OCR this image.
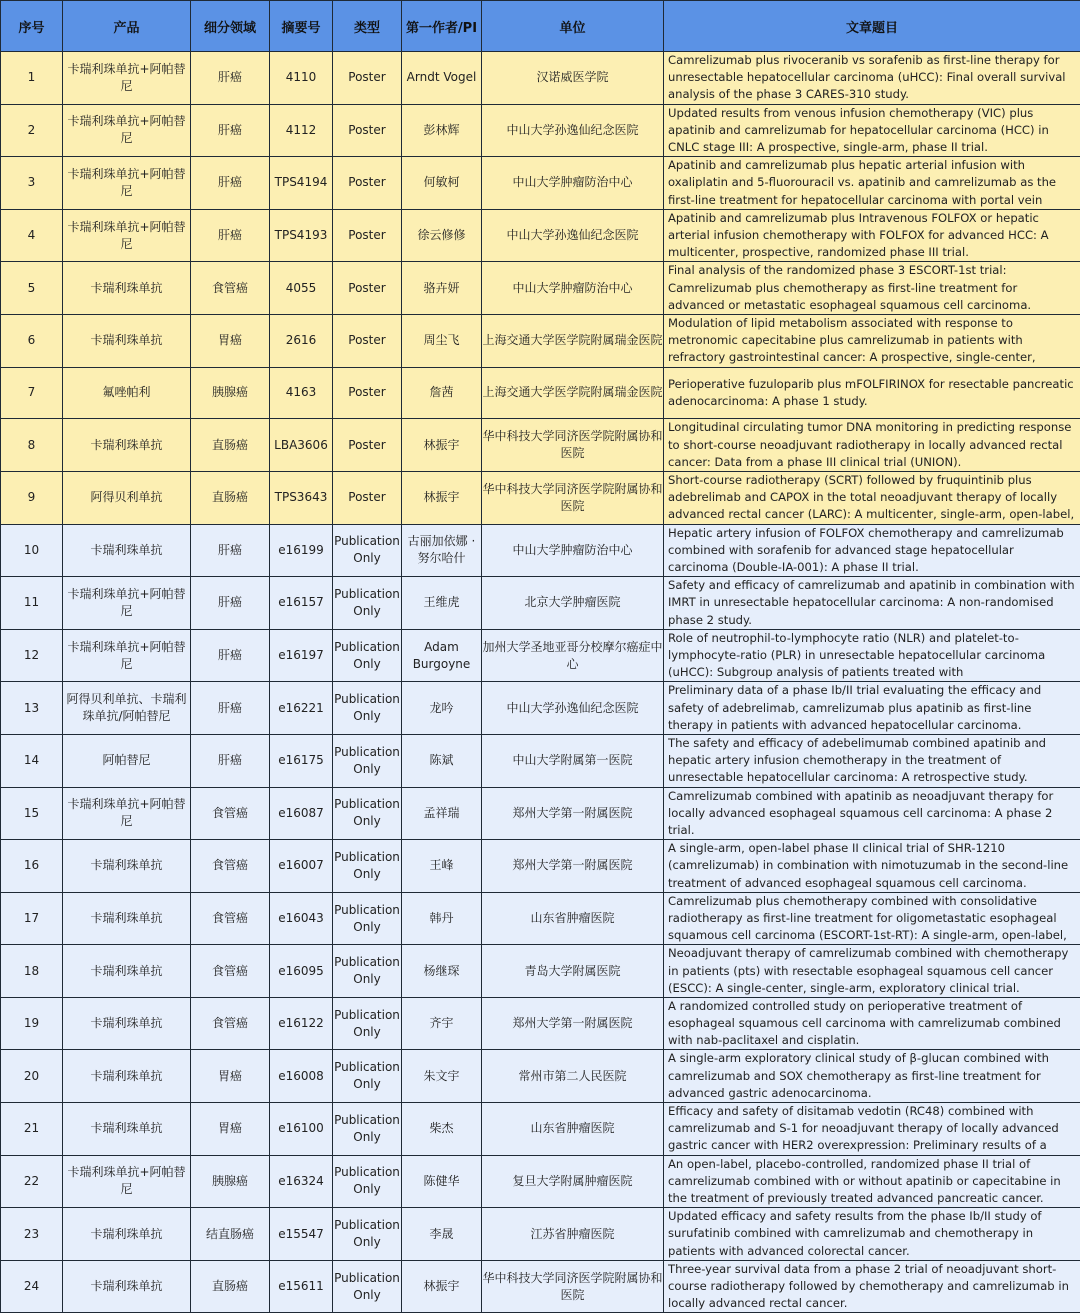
序号	产品	细分领域	摘要号	类型	第一作者/PI	单位	文章题目

1	卡瑞利珠单抗+阿帕替尼	肝癌	4110	Poster	Arndt Vogel	汉诺威医学院	Camrelizumab plus rivoceranib vs sorafenib as first-line therapy for unresectable hepatocellular carcinoma (uHCC): Final overall survival analysis of the phase 3 CARES-310 study.

2	卡瑞利珠单抗+阿帕替尼	肝癌	4112	Poster	彭林辉	中山大学孙逸仙纪念医院	Updated results from venous infusion chemotherapy (VIC) plus apatinib and camrelizumab for hepatocellular carcinoma (HCC) in CNLC stage III: A prospective, single-arm, phase II trial.

3	卡瑞利珠单抗+阿帕替尼	肝癌	TPS4194	Poster	何敏柯	中山大学肿瘤防治中心	Apatinib and camrelizumab plus hepatic arterial infusion with oxaliplatin and 5-fluorouracil vs. apatinib and camrelizumab as the first-line treatment for hepatocellular carcinoma with portal vein

4	卡瑞利珠单抗+阿帕替尼	肝癌	TPS4193	Poster	徐云修修	中山大学孙逸仙纪念医院	Apatinib and camrelizumab plus Intravenous FOLFOX or hepatic arterial infusion chemotherapy with FOLFOX for advanced HCC: A multicenter, prospective, randomized phase III trial.

5	卡瑞利珠单抗	食管癌	4055	Poster	骆卉妍	中山大学肿瘤防治中心	Final analysis of the randomized phase 3 ESCORT-1st trial: Camrelizumab plus chemotherapy as first-line treatment for advanced or metastatic esophageal squamous cell carcinoma.

6	卡瑞利珠单抗	胃癌	2616	Poster	周尘飞	上海交通大学医学院附属瑞金医院	Modulation of lipid metabolism associated with response to metronomic capecitabine plus camrelizumab in patients with refractory gastrointestinal cancer: A prospective, single-center,

7	氟唑帕利	胰腺癌	4163	Poster	詹茜	上海交通大学医学院附属瑞金医院	Perioperative fuzuloparib plus mFOLFIRINOX for resectable pancreatic adenocarcinoma: A phase 1 study.

8	卡瑞利珠单抗	直肠癌	LBA3606	Poster	林振宇	华中科技大学同济医学院附属协和医院	Longitudinal circulating tumor DNA monitoring in predicting response to short-course neoadjuvant radiotherapy in locally advanced rectal cancer: Data from a phase III clinical trial (UNION).

9	阿得贝利单抗	直肠癌	TPS3643	Poster	林振宇	华中科技大学同济医学院附属协和医院	Short-course radiotherapy (SCRT) followed by fruquintinib plus adebrelimab and CAPOX in the total neoadjuvant therapy of locally advanced rectal cancer (LARC): A multicenter, single-arm, open-label,

10	卡瑞利珠单抗	肝癌	e16199	Publication Only	古丽加依娜 · 努尔哈什	中山大学肿瘤防治中心	Hepatic artery infusion of FOLFOX chemotherapy and camrelizumab combined with sorafenib for advanced stage hepatocellular carcinoma (Double-IA-001): A phase II trial.

11	卡瑞利珠单抗+阿帕替尼	肝癌	e16157	Publication Only	王维虎	北京大学肿瘤医院	Safety and efficacy of camrelizumab and apatinib in combination with IMRT in unresectable hepatocellular carcinoma: A non-randomised phase 2 study.

12	卡瑞利珠单抗+阿帕替尼	肝癌	e16197	Publication Only	Adam Burgoyne	加州大学圣地亚哥分校摩尔癌症中心	Role of neutrophil-to-lymphocyte ratio (NLR) and platelet-to-lymphocyte-ratio (PLR) in unresectable hepatocellular carcinoma (uHCC): Subgroup analysis of patients treated with

13	阿得贝利单抗、卡瑞利珠单抗/阿帕替尼	肝癌	e16221	Publication Only	龙吟	中山大学孙逸仙纪念医院	Preliminary data of a phase Ib/II trial evaluating the efficacy and safety of adebrelimab, camrelizumab plus apatinib as first-line therapy in patients with advanced hepatocellular carcinoma.

14	阿帕替尼	肝癌	e16175	Publication Only	陈斌	中山大学附属第一医院	The safety and efficacy of adebelimumab combined apatinib and hepatic artery infusion chemotherapy in the treatment of unresectable hepatocellular carcinoma: A retrospective study.

15	卡瑞利珠单抗+阿帕替尼	食管癌	e16087	Publication Only	孟祥瑞	郑州大学第一附属医院	Camrelizumab combined with apatinib as neoadjuvant therapy for locally advanced esophageal squamous cell carcinoma: A phase 2 trial.

16	卡瑞利珠单抗	食管癌	e16007	Publication Only	王峰	郑州大学第一附属医院	A single-arm, open-label phase II clinical trial of SHR-1210 (camrelizumab) in combination with nimotuzumab in the second-line treatment of advanced esophageal squamous cell carcinoma.

17	卡瑞利珠单抗	食管癌	e16043	Publication Only	韩丹	山东省肿瘤医院	Camrelizumab plus chemotherapy combined with consolidative radiotherapy as first-line treatment for oligometastatic esophageal squamous cell carcinoma (ESCORT-1st-RT): A single-arm, open-label,

18	卡瑞利珠单抗	食管癌	e16095	Publication Only	杨继琛	青岛大学附属医院	Neoadjuvant therapy of camrelizumab combined with chemotherapy in patients (pts) with resectable esophageal squamous cell cancer (ESCC): A single-center, single-arm, exploratory clinical trial.

19	卡瑞利珠单抗	食管癌	e16122	Publication Only	齐宇	郑州大学第一附属医院	A randomized controlled study on perioperative treatment of esophageal squamous cell carcinoma with camrelizumab combined with nab-paclitaxel and cisplatin.

20	卡瑞利珠单抗	胃癌	e16008	Publication Only	朱文宇	常州市第二人民医院	A single-arm exploratory clinical study of β-glucan combined with camrelizumab and SOX chemotherapy as first-line treatment for advanced gastric adenocarcinoma.

21	卡瑞利珠单抗	胃癌	e16100	Publication Only	柴杰	山东省肿瘤医院	Efficacy and safety of disitamab vedotin (RC48) combined with camrelizumab and S-1 for neoadjuvant therapy of locally advanced gastric cancer with HER2 overexpression: Preliminary results of a

22	卡瑞利珠单抗+阿帕替尼	胰腺癌	e16324	Publication Only	陈健华	复旦大学附属肿瘤医院	An open-label, placebo-controlled, randomized phase II trial of camrelizumab combined with or without apatinib or capecitabine in the treatment of previously treated advanced pancreatic cancer.

23	卡瑞利珠单抗	结直肠癌	e15547	Publication Only	李晟	江苏省肿瘤医院	Updated efficacy and safety results from the phase Ib/II study of surufatinib combined with camrelizumab and chemotherapy in patients with advanced colorectal cancer.

24	卡瑞利珠单抗	直肠癌	e15611	Publication Only	林振宇	华中科技大学同济医学院附属协和医院	Three-year survival data from a phase 2 trial of neoadjuvant short-course radiotherapy followed by chemotherapy and camrelizumab in locally advanced rectal cancer.
